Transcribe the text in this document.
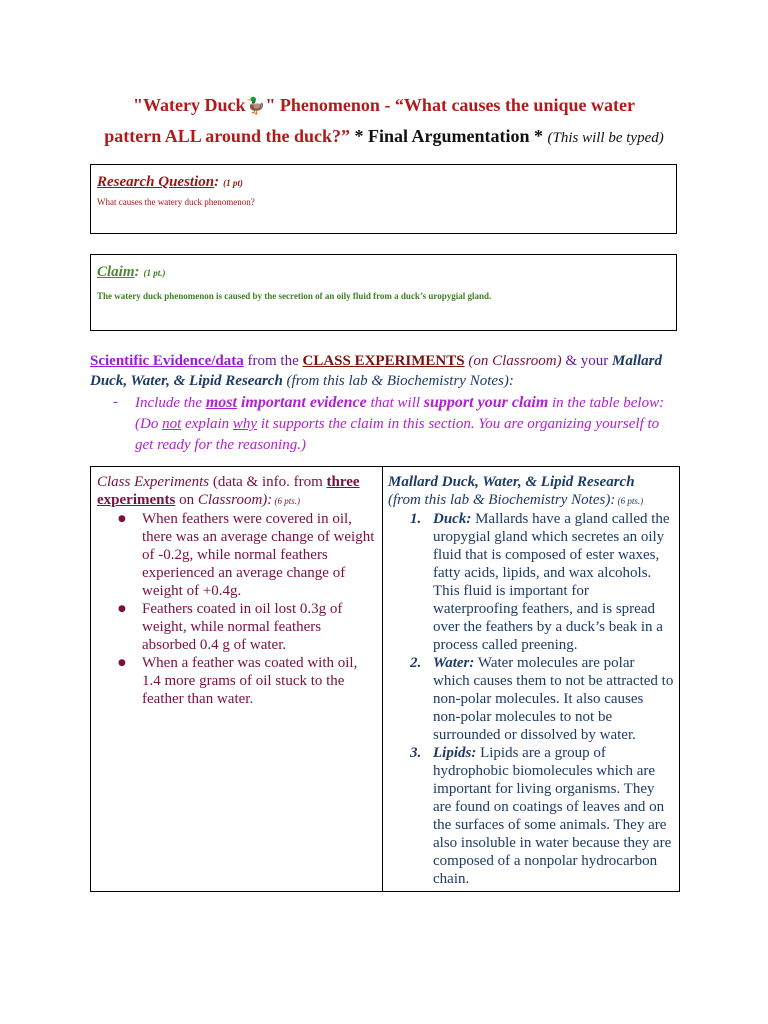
"Watery Duck🦆" Phenomenon - “What causes the unique water
pattern ALL around the duck?” * Final Argumentation * (This will be typed)
Research Question: (1 pt)
What causes the watery duck phenomenon?
Claim: (1 pt.)
The watery duck phenomenon is caused by the secretion of an oily fluid from a duck’s uropygial gland.
Scientific Evidence/data from the CLASS EXPERIMENTS (on Classroom) & your Mallard Duck, Water, & Lipid Research (from this lab & Biochemistry Notes):
- Include the most important evidence that will support your claim in the table below: (Do not explain why it supports the claim in this section. You are organizing yourself to get ready for the reasoning.)
Class Experiments (data & info. from three experiments on Classroom): (6 pts.)
● When feathers were covered in oil, there was an average change of weight of -0.2g, while normal feathers experienced an average change of weight of +0.4g.
● Feathers coated in oil lost 0.3g of weight, while normal feathers absorbed 0.4 g of water.
● When a feather was coated with oil, 1.4 more grams of oil stuck to the feather than water.
Mallard Duck, Water, & Lipid Research
(from this lab & Biochemistry Notes): (6 pts.)
1. Duck: Mallards have a gland called the uropygial gland which secretes an oily fluid that is composed of ester waxes, fatty acids, lipids, and wax alcohols. This fluid is important for waterproofing feathers, and is spread over the feathers by a duck’s beak in a process called preening.
2. Water: Water molecules are polar which causes them to not be attracted to non-polar molecules. It also causes non-polar molecules to not be surrounded or dissolved by water.
3. Lipids: Lipids are a group of hydrophobic biomolecules which are important for living organisms. They are found on coatings of leaves and on the surfaces of some animals. They are also insoluble in water because they are composed of a nonpolar hydrocarbon chain.
